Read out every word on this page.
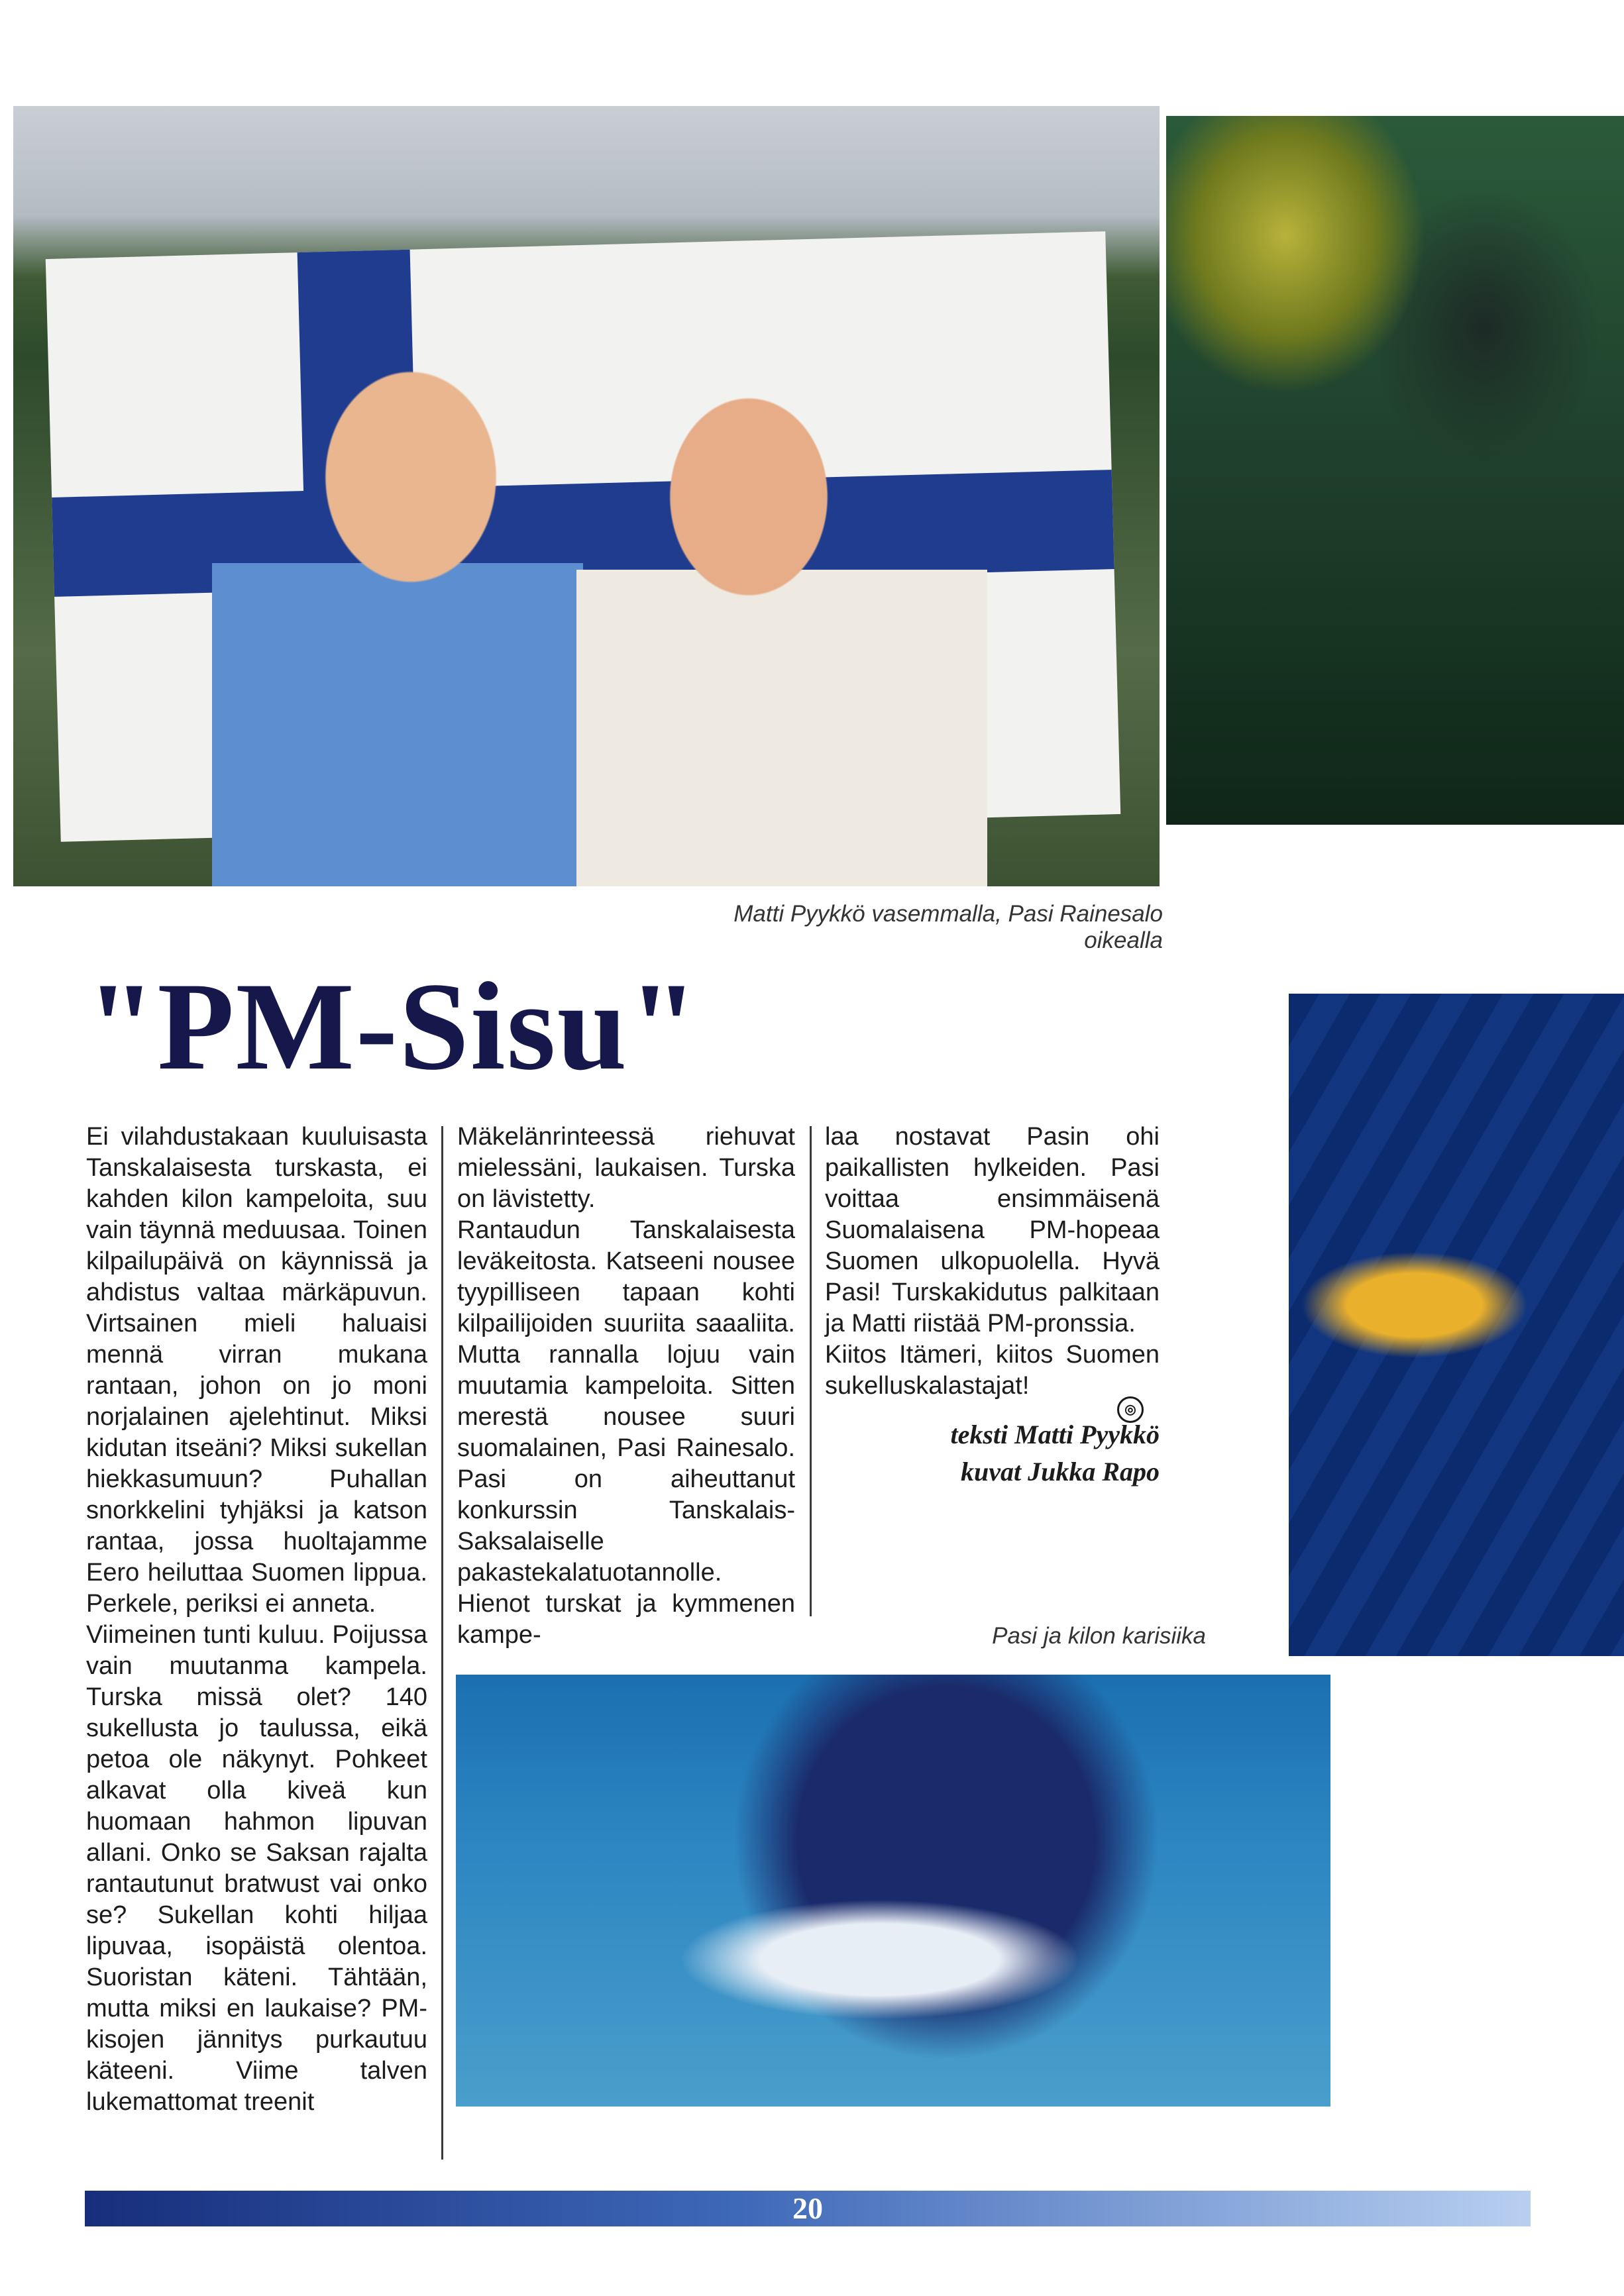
Matti Pyykkö vasemmalla, Pasi Rainesalo oikealla
Pasi ja kilon karisiika
"PM-Sisu"

Ei vilahdustakaan kuuluisasta Tanskalaisesta turskasta, ei kahden kilon kampeloita, suu vain täynnä meduusaa. Toinen kilpailupäivä on käynnissä ja ahdistus valtaa märkäpuvun. Virtsainen mieli haluaisi mennä virran mukana rantaan, johon on jo moni norjalainen ajelehtinut. Miksi kidutan itseäni? Miksi sukellan hiekkasumuun? Puhallan snorkkelini tyhjäksi ja katson rantaa, jossa huoltajamme Eero heiluttaa Suomen lippua. Perkele, periksi ei anneta.

Viimeinen tunti kuluu. Poijussa vain muutanma kampela. Turska missä olet? 140 sukellusta jo taulussa, eikä petoa ole näkynyt. Pohkeet alkavat olla kiveä kun huomaan hahmon lipuvan allani. Onko se Saksan rajalta rantautunut bratwust vai onko se? Sukellan kohti hiljaa lipuvaa, isopäistä olentoa. Suoristan käteni. Tähtään, mutta miksi en laukaise? PM-kisojen jännitys purkautuu käteeni. Viime talven lukemattomat treenit

Mäkelänrinteessä riehuvat mielessäni, laukaisen. Turska on lävistetty.

Rantaudun Tanskalaisesta leväkeitosta. Katseeni nousee tyypilliseen tapaan kohti kilpailijoiden suuriita saaaliita. Mutta rannalla lojuu vain muutamia kampeloita. Sitten merestä nousee suuri suomalainen, Pasi Rainesalo. Pasi on aiheuttanut konkurssin Tanskalais-Saksalaiselle pakastekalatuotannolle. Hienot turskat ja kymmenen kampe-

laa nostavat Pasin ohi paikallisten hylkeiden. Pasi voittaa ensimmäisenä Suomalaisena PM-hopeaa Suomen ulkopuolella. Hyvä Pasi! Turskakidutus palkitaan ja Matti riistää PM-pronssia.

Kiitos Itämeri, kiitos Suomen sukelluskalastajat!

teksti Matti Pyykkö

kuvat Jukka Rapo

◎
20
